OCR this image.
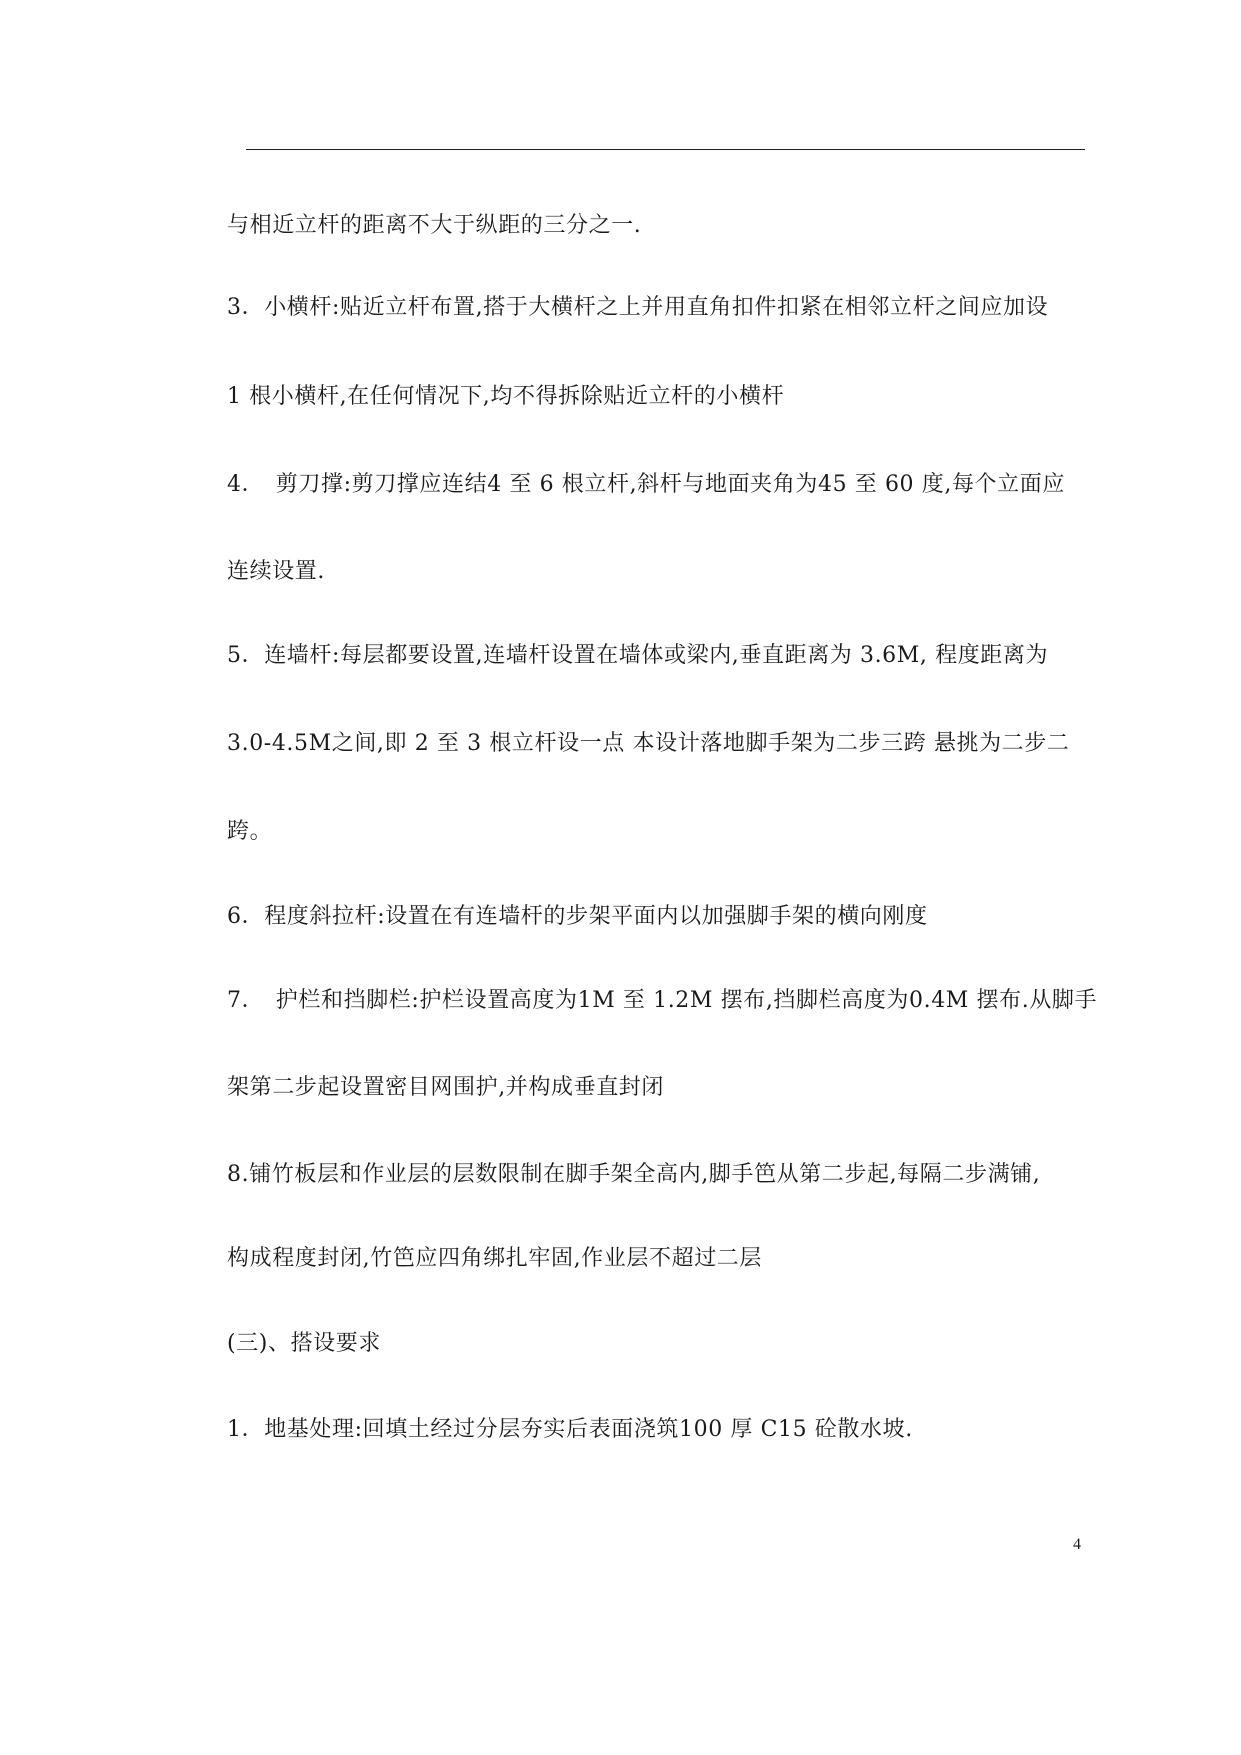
与相近立杆的距离不大于纵距的三分之一.
3．小横杆:贴近立杆布置,搭于大横杆之上并用直角扣件扣紧在相邻立杆之间应加设
1 根小横杆,在任何情况下,均不得拆除贴近立杆的小横杆
4．　剪刀撑:剪刀撑应连结4 至 6 根立杆,斜杆与地面夹角为45 至 60 度,每个立面应
连续设置.
5．连墙杆:每层都要设置,连墙杆设置在墙体或梁内,垂直距离为 3.6M, 程度距离为
3.0-4.5M之间,即 2 至 3 根立杆设一点 本设计落地脚手架为二步三跨 悬挑为二步二
跨。
6．程度斜拉杆:设置在有连墙杆的步架平面内以加强脚手架的横向刚度
7．　护栏和挡脚栏:护栏设置高度为1M 至 1.2M 摆布,挡脚栏高度为0.4M 摆布.从脚手
架第二步起设置密目网围护,并构成垂直封闭
8.铺竹板层和作业层的层数限制在脚手架全高内,脚手笆从第二步起,每隔二步满铺,
构成程度封闭,竹笆应四角绑扎牢固,作业层不超过二层
(三)、搭设要求
1．地基处理:回填土经过分层夯实后表面浇筑100 厚 C15 砼散水坡.
4
